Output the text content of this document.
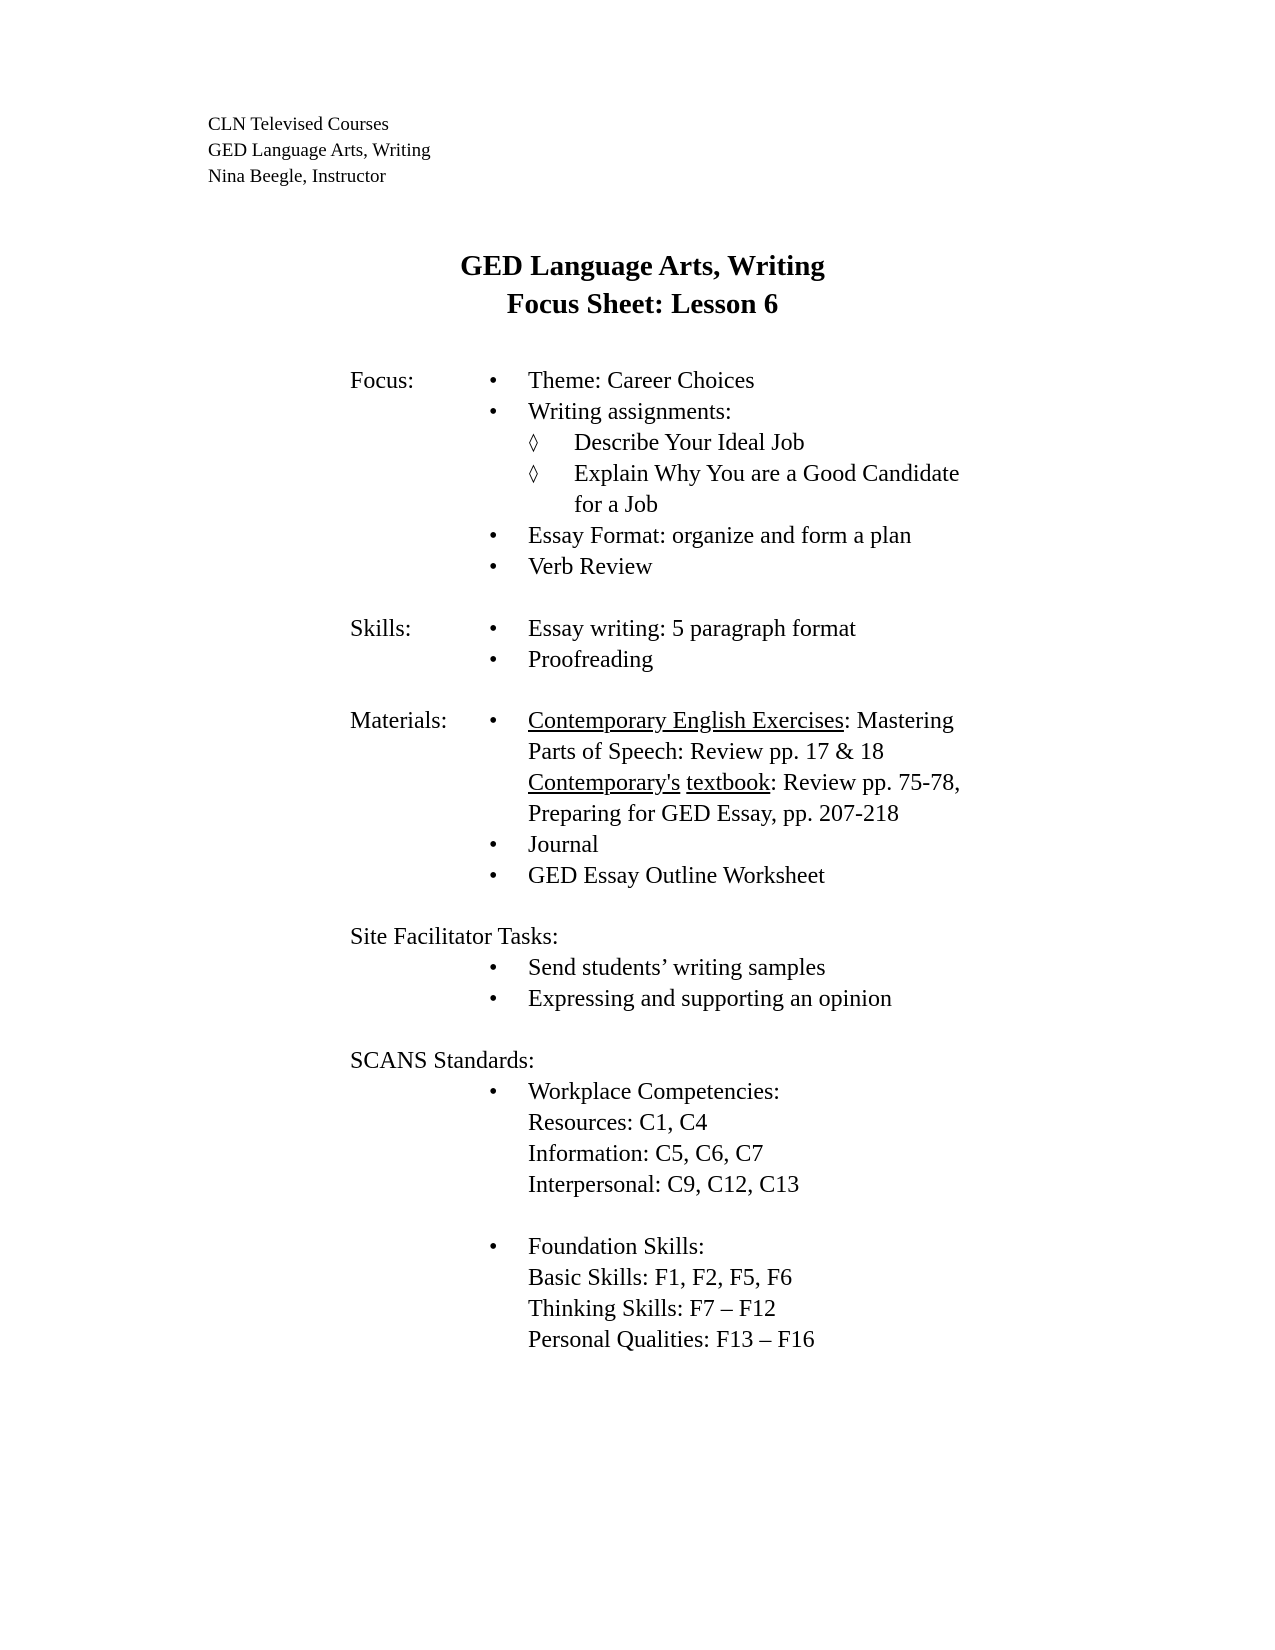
CLN Televised Courses
GED Language Arts, Writing
Nina Beegle, Instructor
GED Language Arts, Writing
Focus Sheet: Lesson 6
Focus:	• Theme: Career Choices
• Writing assignments:
◊ Describe Your Ideal Job
◊ Explain Why You are a Good Candidate
for a Job
• Essay Format: organize and form a plan
• Verb Review
Skills:	• Essay writing: 5 paragraph format
• Proofreading
Materials: • Contemporary English Exercises: Mastering
Parts of Speech: Review pp. 17 & 18
Contemporary's textbook: Review pp. 75-78,
Preparing for GED Essay, pp. 207-218
• Journal
• GED Essay Outline Worksheet
Site Facilitator Tasks:
• Send students’ writing samples
• Expressing and supporting an opinion
SCANS Standards:
• Workplace Competencies:
Resources: C1, C4
Information: C5, C6, C7
Interpersonal: C9, C12, C13
• Foundation Skills:
Basic Skills: F1, F2, F5, F6
Thinking Skills: F7 – F12
Personal Qualities: F13 – F16
